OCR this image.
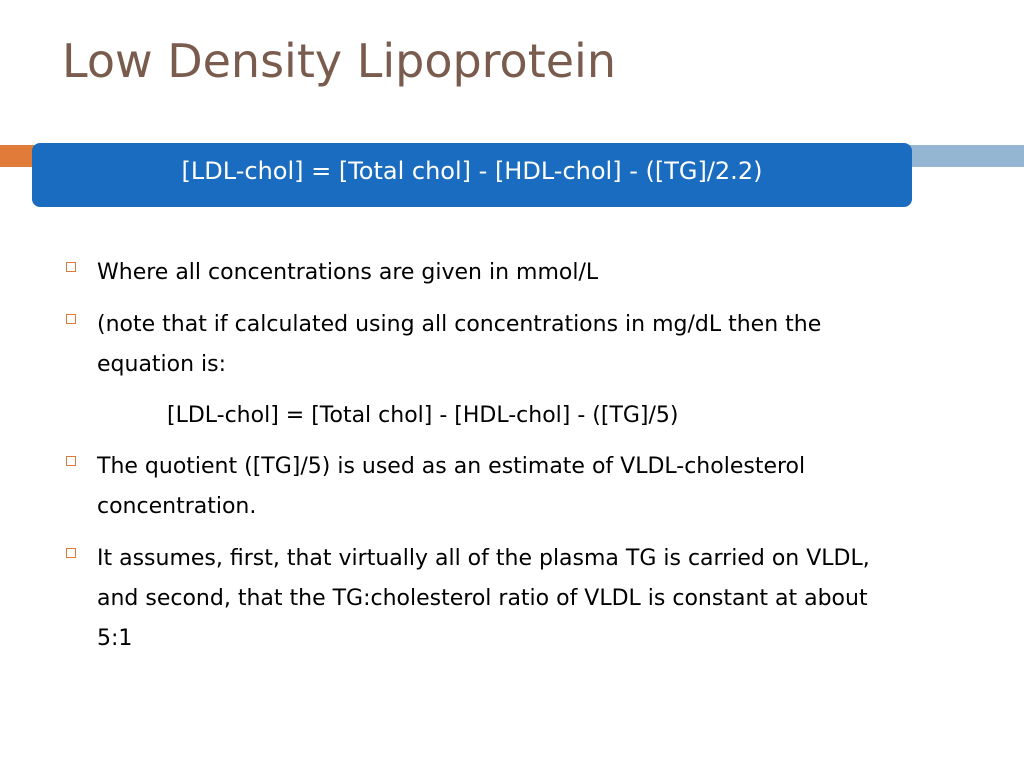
Low Density Lipoprotein
[LDL-chol] = [Total chol] - [HDL-chol] - ([TG]/2.2)
Where all concentrations are given in mmol/L
(note that if calculated using all concentrations in mg/dL then the equation is:
[LDL-chol] = [Total chol] - [HDL-chol] - ([TG]/5)
The quotient ([TG]/5) is used as an estimate of VLDL-cholesterol concentration.
It assumes, first, that virtually all of the plasma TG is carried on VLDL, and second, that the TG:cholesterol ratio of VLDL is constant at about 5:1
